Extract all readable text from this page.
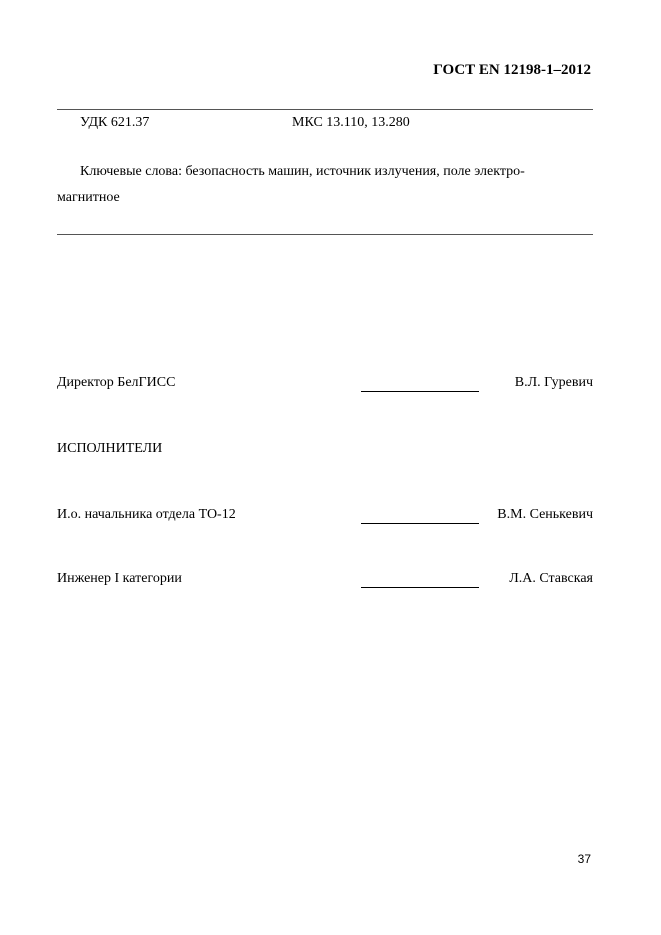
ГОСТ EN 12198-1–2012
УДК 621.37	МКС 13.110, 13.280
Ключевые слова: безопасность машин, источник излучения, поле электро-
магнитное
Директор БелГИСС	В.Л. Гуревич
ИСПОЛНИТЕЛИ
И.о. начальника отдела ТО-12	В.М. Сенькевич
Инженер I категории	Л.А. Ставская
37
